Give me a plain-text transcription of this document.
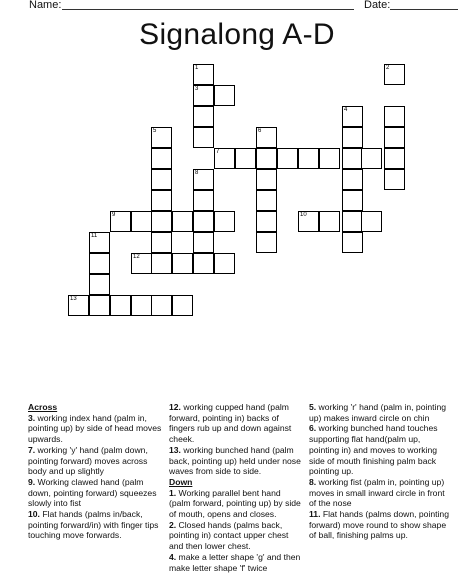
Name:	Date:
Signalong A-D
1	2
3
4
5	6
7
8
9	10
11
12
13

Across

3. working index hand (palm in, pointing up) by side of head moves upwards.

7. working 'y' hand (palm down, pointing forward) moves across body and up slightly

9. Working clawed hand (palm down, pointing forward) squeezes slowly into fist

10. Flat hands (palms in/back, pointing forward/in) with finger tips touching move forwards.

12. working cupped hand (palm forward, pointing in) backs of fingers rub up and down against cheek.

13. working bunched hand (palm back, pointing up) held under nose waves from side to side.

Down

1. Working parallel bent hand (palm forward, pointing up) by side of mouth, opens and closes.

2. Closed hands (palms back, pointing in) contact upper chest and then lower chest.

4. make a letter shape 'g' and then make letter shape 'f' twice

5. working 'r' hand (palm in, pointing up) makes inward circle on chin

6. working bunched hand touches supporting flat hand(palm up, pointing in) and moves to working side of mouth finishing palm back pointing up.

8. working fist (palm in, pointing up) moves in small inward circle in front of the nose

11. Flat hands (palms down, pointing forward) move round to show shape of ball, finishing palms up.
